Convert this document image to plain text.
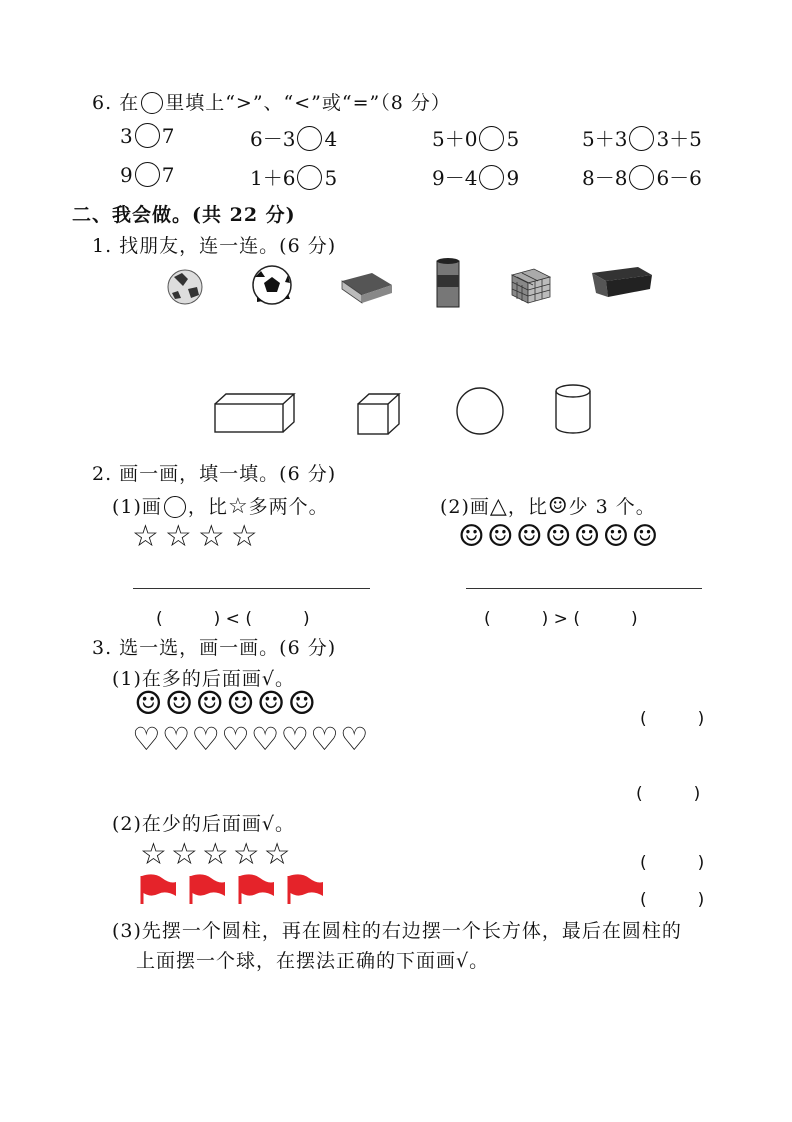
6. 在 里填上“>”、“<”或“=”（8 分）
3 7	6－3 4	5＋0 5	5＋3 3＋5
9 7	1＋6 5	9－4 9	8－8 6－6
二、我会做。(共 22 分)
1. 找朋友，连一连。(6 分)
2. 画一画，填一填。(6 分)
(1)画 ，比☆多两个。	(2)画△，比☺少 3 个。
☆☆☆☆	☺☺☺☺☺☺☺
(　　　) < (　　　)	(　　　) > (　　　)
3. 选一选，画一画。(6 分)
(1)在多的后面画√。
☺☺☺☺☺☺
♡♡♡♡♡♡♡♡
(　　　)
(　　　)
(2)在少的后面画√。
☆☆☆☆☆	(　　　)
(　　　)
(3)先摆一个圆柱，再在圆柱的右边摆一个长方体，最后在圆柱的
上面摆一个球，在摆法正确的下面画√。
